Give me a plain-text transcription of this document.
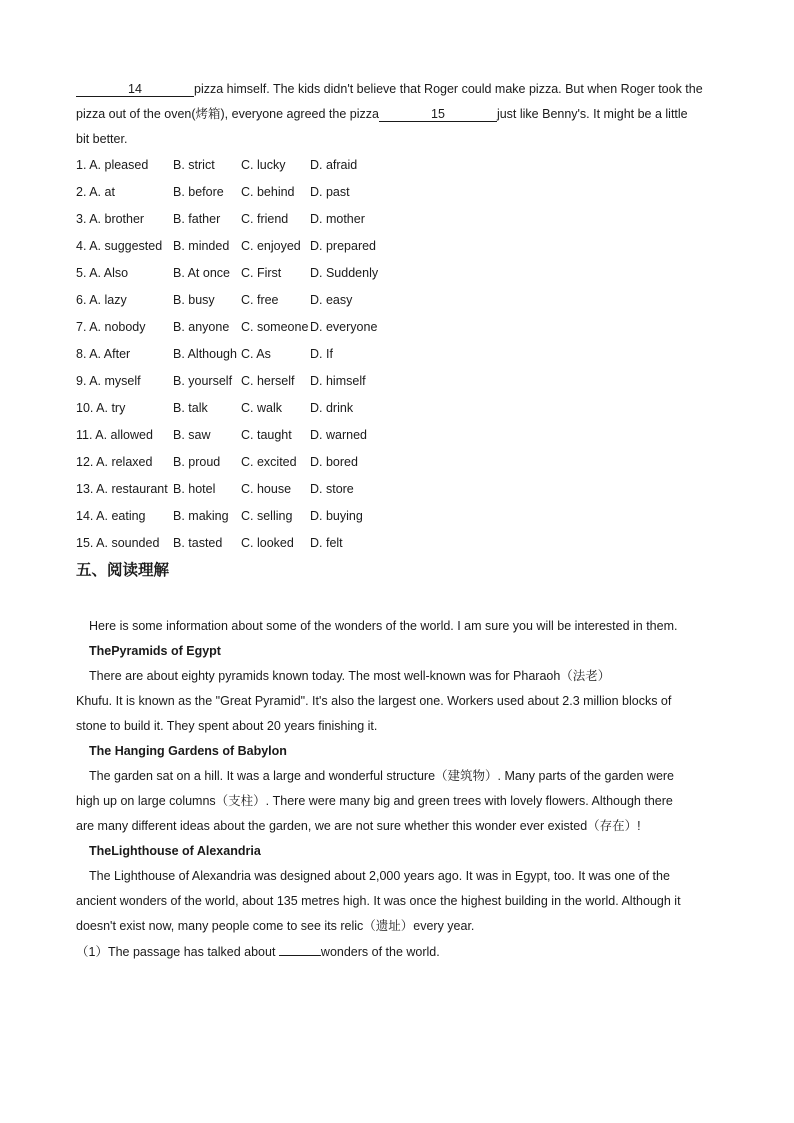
14	pizza himself. The kids didn't believe that Roger could make pizza. But when Roger took the
pizza out of the oven(烤箱), everyone agreed the pizza	15	just like Benny's. It might be a little
bit better.
1. A. pleased B. strict C. lucky D. afraid
2. A. at	B. before C. behind D. past
3. A. brother B. father C. friend D. mother
4. A. suggested B. minded C. enjoyed D. prepared
5. A. Also	B. At once C. First D. Suddenly
6. A. lazy	B. busy C. free	D. easy
7. A. nobody B. anyone C. someone D. everyone
8. A. After	B. Although C. As	D. If
9. A. myself	B. yourself C. herself D. himself
10. A. try	B. talk	C. walk D. drink
11. A. allowed B. saw C. taught D. warned
12. A. relaxed B. proud C. excited D. bored
13. A. restaurant B. hotel C. house D. store
14. A. eating B. making C. selling D. buying
15. A. sounded B. tasted C. looked D. felt
五、阅读理解
Here is some information about some of the wonders of the world. I am sure you will be interested in them.
ThePyramids of Egypt
There are about eighty pyramids known today. The most well-known was for Pharaoh（法老）
Khufu. It is known as the "Great Pyramid". It's also the largest one. Workers used about 2.3 million blocks of
stone to build it. They spent about 20 years finishing it.
The Hanging Gardens of Babylon
The garden sat on a hill. It was a large and wonderful structure（建筑物）. Many parts of the garden were
high up on large columns（支柱）. There were many big and green trees with lovely flowers. Although there
are many different ideas about the garden, we are not sure whether this wonder ever existed（存在）!
TheLighthouse of Alexandria
The Lighthouse of Alexandria was designed about 2,000 years ago. It was in Egypt, too. It was one of the
ancient wonders of the world, about 135 metres high. It was once the highest building in the world. Although it
doesn't exist now, many people come to see its relic（遗址）every year.
（1）The passage has talked about	wonders of the world.
